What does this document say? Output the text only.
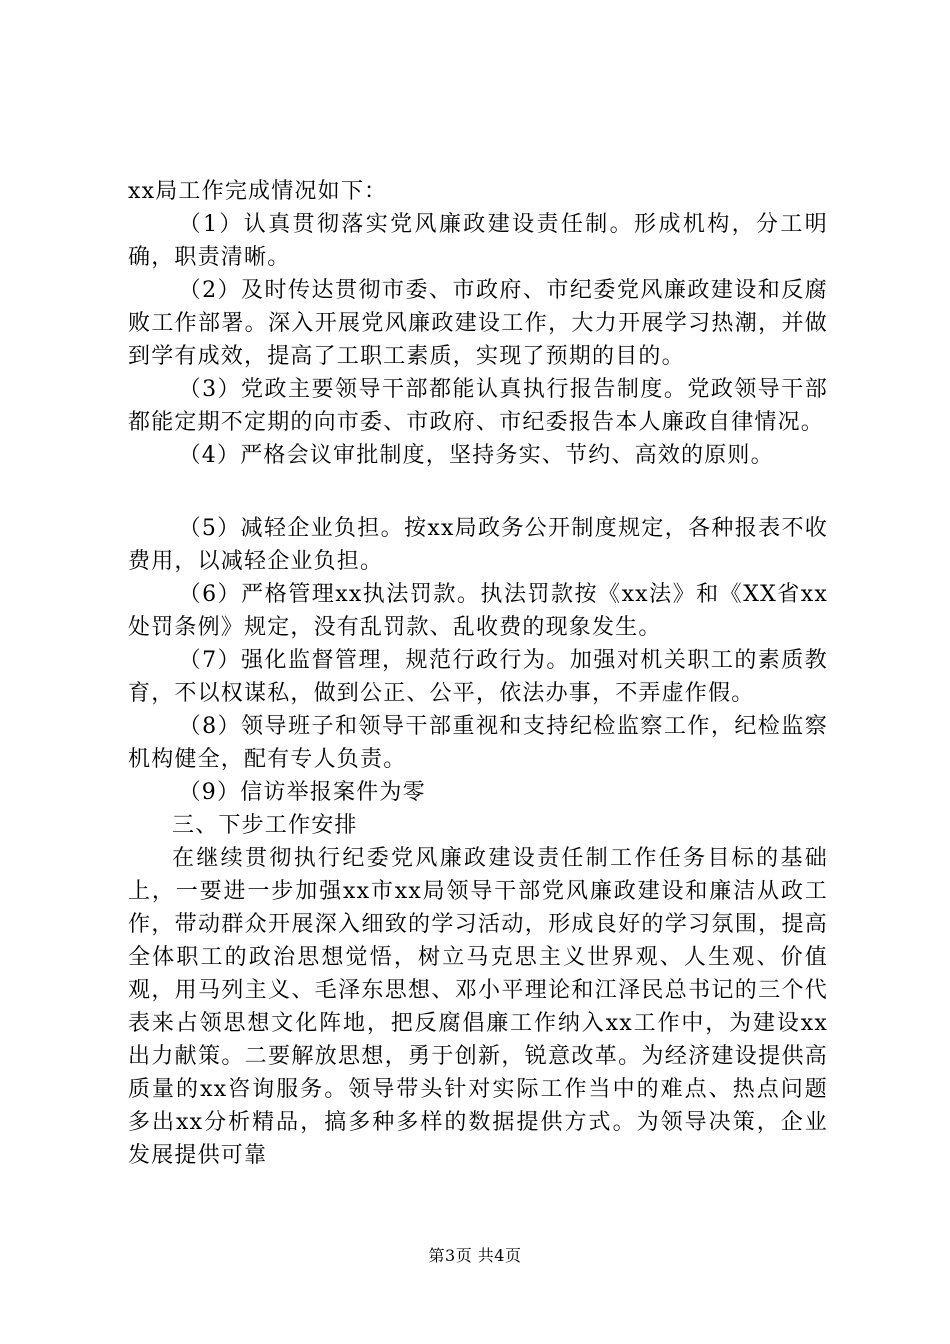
xx局工作完成情况如下：

（1）认真贯彻落实党风廉政建设责任制。形成机构，分工明确，职责清晰。

（2）及时传达贯彻市委、市政府、市纪委党风廉政建设和反腐败工作部署。深入开展党风廉政建设工作，大力开展学习热潮，并做到学有成效，提高了工职工素质，实现了预期的目的。

（3）党政主要领导干部都能认真执行报告制度。党政领导干部都能定期不定期的向市委、市政府、市纪委报告本人廉政自律情况。

（4）严格会议审批制度，坚持务实、节约、高效的原则。

（5）减轻企业负担。按xx局政务公开制度规定，各种报表不收费用，以减轻企业负担。

（6）严格管理xx执法罚款。执法罚款按《xx法》和《XX省xx处罚条例》规定，没有乱罚款、乱收费的现象发生。

（7）强化监督管理，规范行政行为。加强对机关职工的素质教育，不以权谋私，做到公正、公平，依法办事，不弄虚作假。

（8）领导班子和领导干部重视和支持纪检监察工作，纪检监察机构健全，配有专人负责。

（9）信访举报案件为零

三、下步工作安排

在继续贯彻执行纪委党风廉政建设责任制工作任务目标的基础上，一要进一步加强xx市xx局领导干部党风廉政建设和廉洁从政工作，带动群众开展深入细致的学习活动，形成良好的学习氛围，提高全体职工的政治思想觉悟，树立马克思主义世界观、人生观、价值观，用马列主义、毛泽东思想、邓小平理论和江泽民总书记的三个代表来占领思想文化阵地，把反腐倡廉工作纳入xx工作中，为建设xx出力献策。二要解放思想，勇于创新，锐意改革。为经济建设提供高质量的xx咨询服务。领导带头针对实际工作当中的难点、热点问题多出xx分析精品，搞多种多样的数据提供方式。为领导决策，企业发展提供可靠

第3页 共4页
